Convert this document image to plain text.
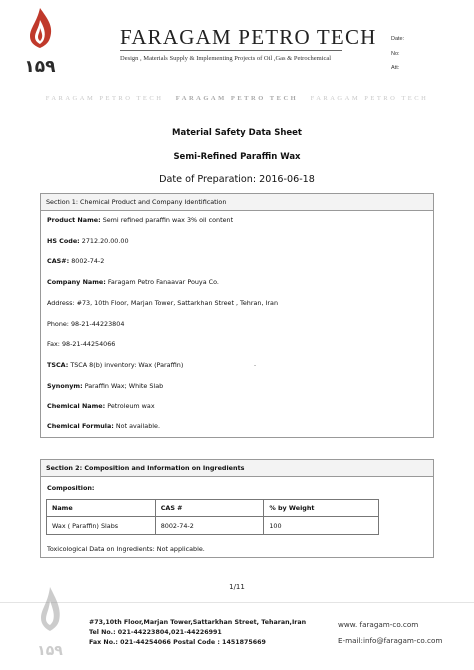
۱۵۹
FARAGAM PETRO TECH
Design , Materials Supply & Implementing Projects of Oil ,Gas & Petrochemical
Date:
No:
Att:
FARAGAM PETRO TECH FARAGAM PETRO TECH FARAGAM PETRO TECH
Material Safety Data Sheet
Semi-Refined Paraffin Wax
Date of Preparation: 2016-06-18
Section 1: Chemical Product and Company Identification
Product Name: Semi refined paraffin wax 3% oil content
HS Code: 2712.20.00.00
CAS#: 8002-74-2
Company Name: Faragam Petro Fanaavar Pouya Co.
Address: #73, 10th Floor, Marjan Tower, Sattarkhan Street , Tehran, Iran
Phone: 98-21-44223804
Fax: 98-21-44254066
TSCA: TSCA 8(b) inventory: Wax (Paraffin)	.
Synonym: Paraffin Wax; White Slab
Chemical Name: Petroleum wax
Chemical Formula: Not available.
Section 2: Composition and Information on Ingredients
Composition:
Name	CAS #	% by Weight
Wax ( Paraffin) Slabs	8002-74-2	100
Toxicological Data on Ingredients: Not applicable.
1/11
۱۵۹
#73,10th Floor,Marjan Tower,Sattarkhan Street, Teharan,Iran
Tel No.: 021-44223804,021-44226991
Fax No.: 021-44254066 Postal Code : 1451875669
www. faragam-co.com
E-mail:info@faragam-co.com
